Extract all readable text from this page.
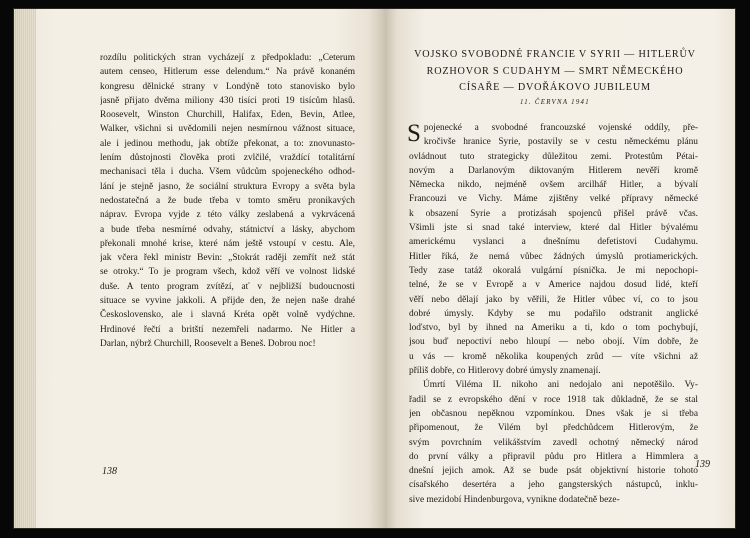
rozdílu politických stran vycházejí z předpokladu: „Ceterum
autem censeo, Hitlerum esse delendum.“ Na právě konaném
kongresu dělnické strany v Londýně toto stanovisko bylo
jasně přijato dvěma miliony 430 tisíci proti 19 tisícům hlasů.
Roosevelt, Winston Churchill, Halifax, Eden, Bevin, Atlee,
Walker, všichni si uvědomili nejen nesmírnou vážnost situace,
ale i jedinou methodu, jak obtíže překonat, a to: znovunasto-
lením důstojnosti člověka proti zvlčilé, vraždící totalitární
mechanisaci těla i ducha. Všem vůdcům spojeneckého odhod-
lání je stejně jasno, že sociální struktura Evropy a světa byla
nedostatečná a že bude třeba v tomto směru pronikavých
náprav. Evropa vyjde z této války zeslabená a vykrvácená
a bude třeba nesmírné odvahy, státnictví a lásky, abychom
překonali mnohé krise, které nám ještě vstoupí v cestu. Ale,
jak včera řekl ministr Bevin: „Stokrát raději zemřít než stát
se otroky.“ To je program všech, kdož věří ve volnost lidské
duše. A tento program zvítězí, ať v nejbližší budoucnosti
situace se vyvine jakkoli. A přijde den, že nejen naše drahé
Československo, ale i slavná Kréta opět volně vydýchne.
Hrdinové řečtí a britští nezemřeli nadarmo. Ne Hitler a
Darlan, nýbrž Churchill, Roosevelt a Beneš. Dobrou noc!
138
VOJSKO SVOBODNÉ FRANCIE V SYRII — HITLERŮV
ROZHOVOR S CUDAHYM — SMRT NĚMECKÉHO
CÍSAŘE — DVOŘÁKOVO JUBILEUM
11. ČERVNA 1941
S pojenecké a svobodné francouzské vojenské oddíly, pře-
kročivše hranice Syrie, postavily se v cestu německému plánu
ovládnout tuto strategicky důležitou zemi. Protestům Pétai-
novým a Darlanovým diktovaným Hitlerem nevěří kromě
Německa nikdo, nejméně ovšem arcilhář Hitler, a bývalí
Francouzi ve Vichy. Máme zjištěny velké přípravy německé
k obsazení Syrie a protizásah spojenců přišel právě včas.
Všimli jste si snad také interview, které dal Hitler bývalému
americkému vyslanci a dnešnímu defetistovi Cudahymu.
Hitler říká, že nemá vůbec žádných úmyslů protiamerických.
Tedy zase tatáž okoralá vulgární písnička. Je mi nepochopi-
telné, že se v Evropě a v Americe najdou dosud lidé, kteří
věří nebo dělají jako by věřili, že Hitler vůbec ví, co to jsou
dobré úmysly. Kdyby se mu podařilo odstranit anglické
loďstvo, byl by ihned na Ameriku a ti, kdo o tom pochybují,
jsou buď nepoctiví nebo hloupí — nebo obojí. Vím dobře, že
u vás — kromě několika koupených zrůd — víte všichni až
příliš dobře, co Hitlerovy dobré úmysly znamenají.
Úmrtí Viléma II. nikoho ani nedojalo ani nepotěšilo. Vy-
řadil se z evropského dění v roce 1918 tak důkladně, že se stal
jen občasnou nepěknou vzpomínkou. Dnes však je si třeba
připomenout, že Vilém byl předchůdcem Hitlerovým, že
svým povrchním velikášstvím zavedl ochotný německý národ
do první války a připravil půdu pro Hitlera a Himmlera a
dnešní jejich amok. Až se bude psát objektivní historie tohoto
císařského desertéra a jeho gangsterských nástupců, inklu-
sive mezidobí Hindenburgova, vynikne dodatečně beze-
139
